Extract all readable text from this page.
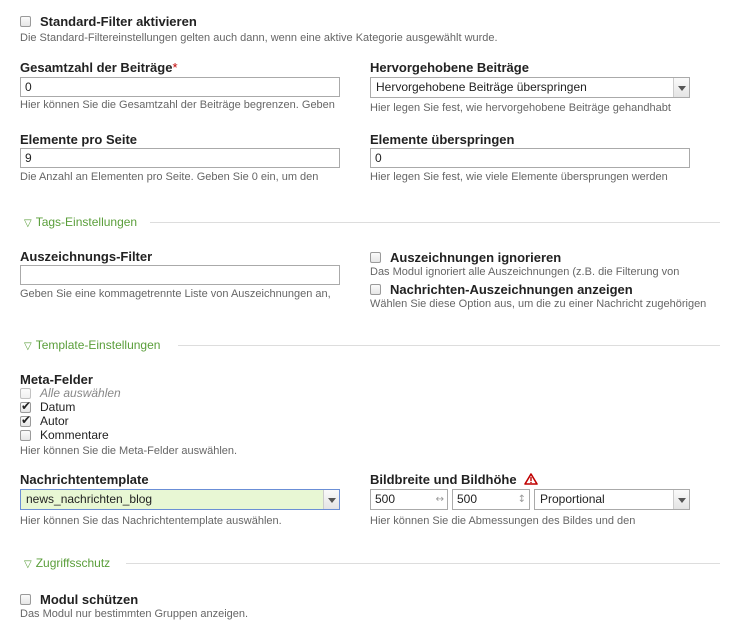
Standard-Filter aktivieren
Die Standard-Filtereinstellungen gelten auch dann, wenn eine aktive Kategorie ausgewählt wurde.
Gesamtzahl der Beiträge*
0
Hier können Sie die Gesamtzahl der Beiträge begrenzen. Geben
Hervorgehobene Beiträge
Hervorgehobene Beiträge überspringen
Hier legen Sie fest, wie hervorgehobene Beiträge gehandhabt
Elemente pro Seite
9
Die Anzahl an Elementen pro Seite. Geben Sie 0 ein, um den
Elemente überspringen
0
Hier legen Sie fest, wie viele Elemente übersprungen werden
▽ Tags-Einstellungen
Auszeichnungs-Filter
Geben Sie eine kommagetrennte Liste von Auszeichnungen an,
Auszeichnungen ignorieren
Das Modul ignoriert alle Auszeichnungen (z.B. die Filterung von
Nachrichten-Auszeichnungen anzeigen
Wählen Sie diese Option aus, um die zu einer Nachricht zugehörigen
▽ Template-Einstellungen
Meta-Felder
Alle auswählen
✔
Datum
✔
Autor
Kommentare
Hier können Sie die Meta-Felder auswählen.
Nachrichtentemplate
news_nachrichten_blog
Hier können Sie das Nachrichtentemplate auswählen.
Bildbreite und Bildhöhe
500	↔	500	↕	Proportional
Hier können Sie die Abmessungen des Bildes und den
▽ Zugriffsschutz
Modul schützen
Das Modul nur bestimmten Gruppen anzeigen.
